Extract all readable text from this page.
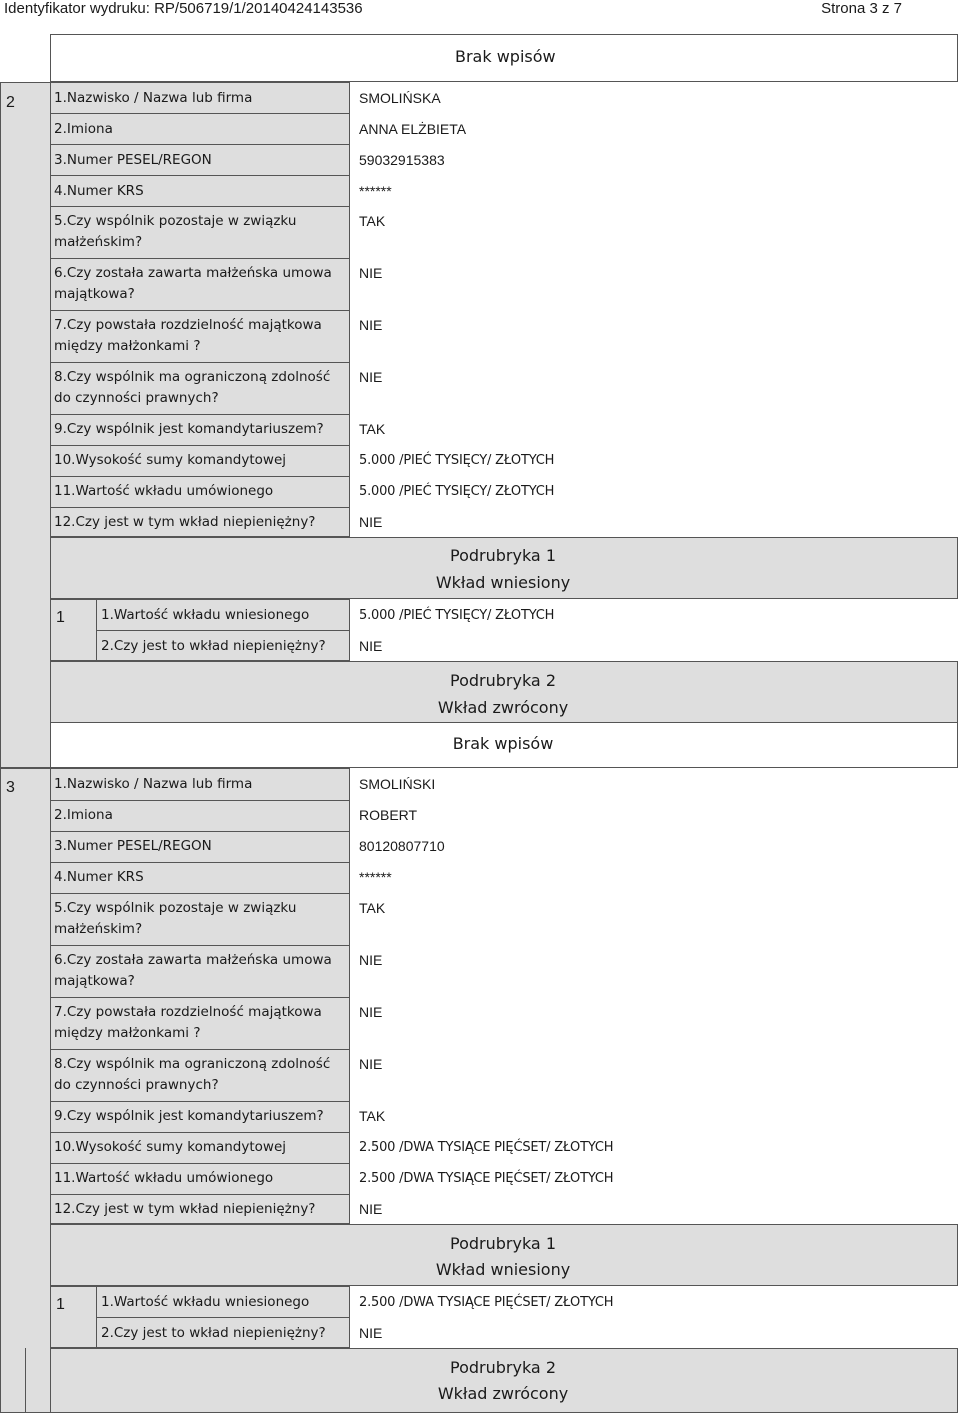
Identyfikator wydruku: RP/506719/1/20140424143536	Strona 3 z 7
Brak wpisów
2	1.Nazwisko / Nazwa lub firma	SMOLIŃSKA
2.Imiona	ANNA ELŻBIETA
3.Numer PESEL/REGON	59032915383
4.Numer KRS	******
5.Czy wspólnik pozostaje w związku małżeńskim?
TAK
6.Czy została zawarta małżeńska umowa majątkowa?
NIE
7.Czy powstała rozdzielność majątkowa między małżonkami ?
NIE
8.Czy wspólnik ma ograniczoną zdolność do czynności prawnych?
NIE
9.Czy wspólnik jest komandytariuszem?	TAK
10.Wysokość sumy komandytowej	5.000 /PIEĆ TYSIĘCY/ ZŁOTYCH
11.Wartość wkładu umówionego	5.000 /PIEĆ TYSIĘCY/ ZŁOTYCH
12.Czy jest w tym wkład niepieniężny?	NIE
Podrubryka 1
Wkład wniesiony
1	1.Wartość wkładu wniesionego	5.000 /PIEĆ TYSIĘCY/ ZŁOTYCH
2.Czy jest to wkład niepieniężny? NIE
Podrubryka 2
Wkład zwrócony
Brak wpisów
3	1.Nazwisko / Nazwa lub firma	SMOLIŃSKI
2.Imiona	ROBERT
3.Numer PESEL/REGON	80120807710
4.Numer KRS	******
5.Czy wspólnik pozostaje w związku małżeńskim?
TAK
6.Czy została zawarta małżeńska umowa majątkowa?
NIE
7.Czy powstała rozdzielność majątkowa między małżonkami ?
NIE
8.Czy wspólnik ma ograniczoną zdolność do czynności prawnych?
NIE
9.Czy wspólnik jest komandytariuszem?	TAK
10.Wysokość sumy komandytowej	2.500 /DWA TYSIĄCE PIĘĆSET/ ZŁOTYCH
11.Wartość wkładu umówionego	2.500 /DWA TYSIĄCE PIĘĆSET/ ZŁOTYCH
12.Czy jest w tym wkład niepieniężny?	NIE
Podrubryka 1
Wkład wniesiony
1	1.Wartość wkładu wniesionego	2.500 /DWA TYSIĄCE PIĘĆSET/ ZŁOTYCH
2.Czy jest to wkład niepieniężny? NIE
Podrubryka 2
Wkład zwrócony
